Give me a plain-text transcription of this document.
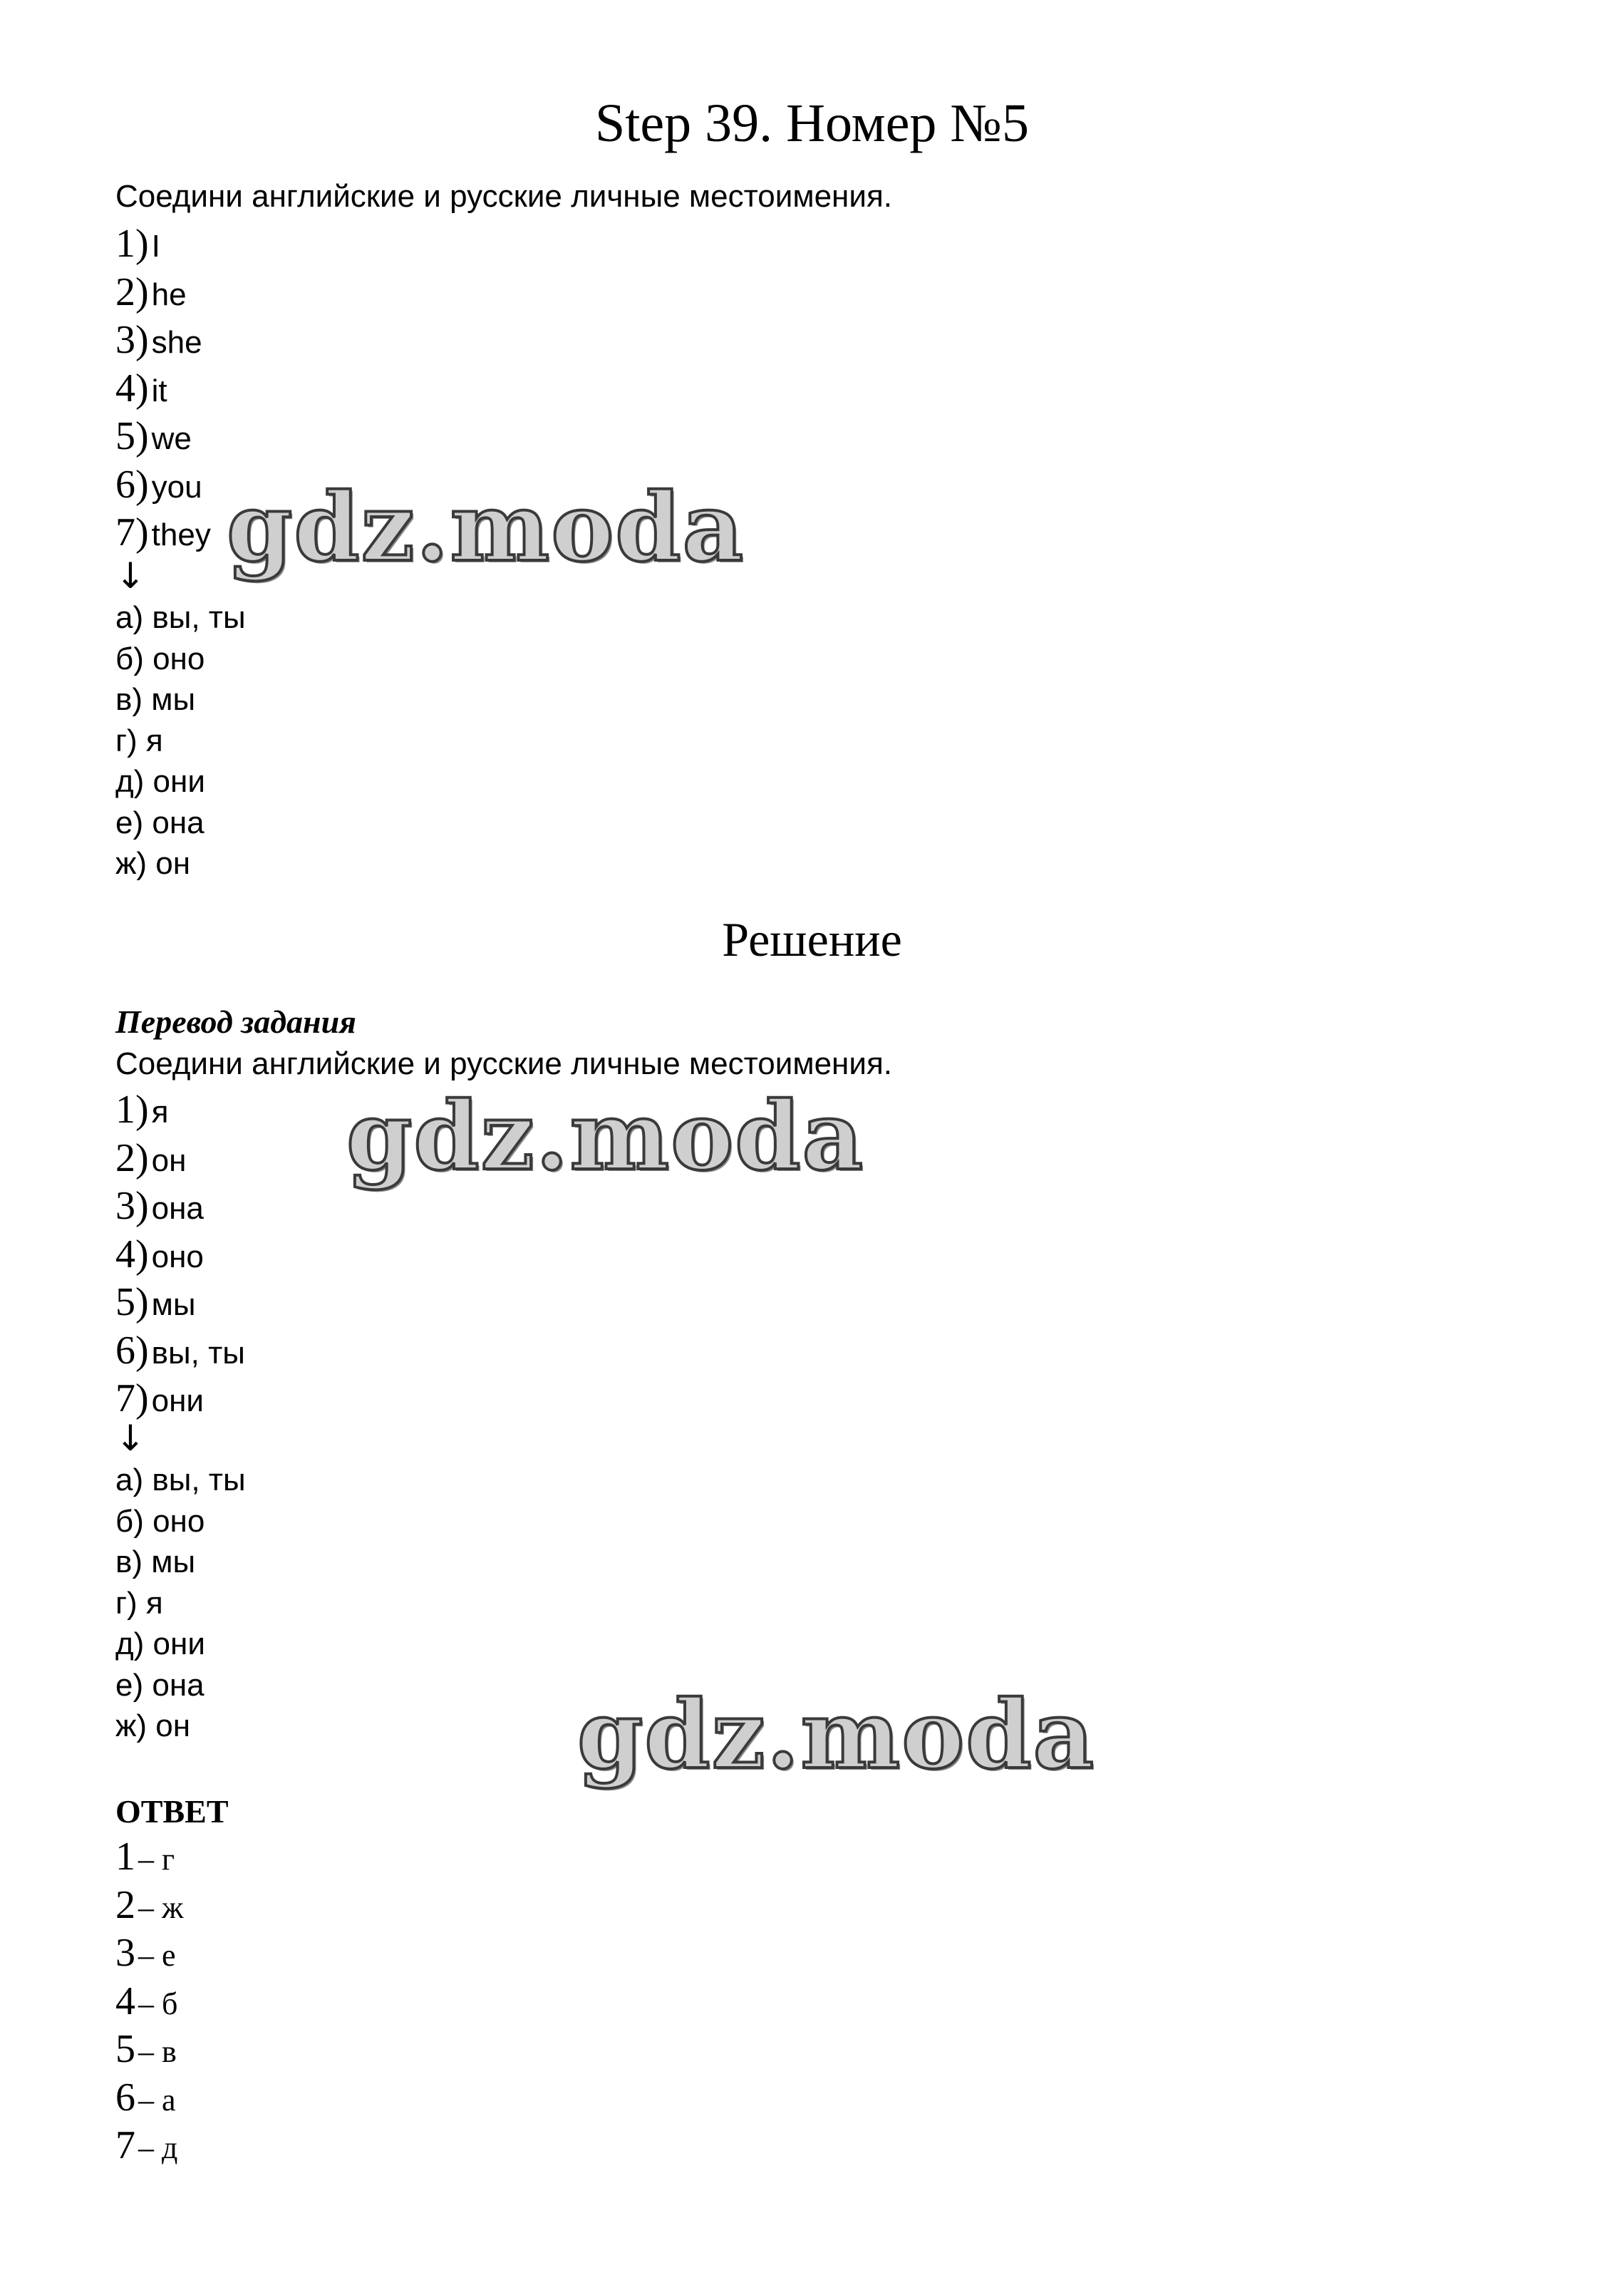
Step 39. Номер №5
Соедини английские и русские личные местоимения.
1) I
2) he
3) she
4) it
5) we
6) you
7) they
↓
а) вы, ты
б) оно
в) мы
г) я
д) они
е) она
ж) он
Решение
Перевод задания
Соедини английские и русские личные местоимения.
1) я
2) он
3) она
4) оно
5) мы
6) вы, ты
7) они
↓
а) вы, ты
б) оно
в) мы
г) я
д) они
е) она
ж) он
ОТВЕТ
1 – г
2 – ж
3 – е
4 – б
5 – в
6 – а
7 – д
gdz.moda
gdz.moda
gdz.moda
